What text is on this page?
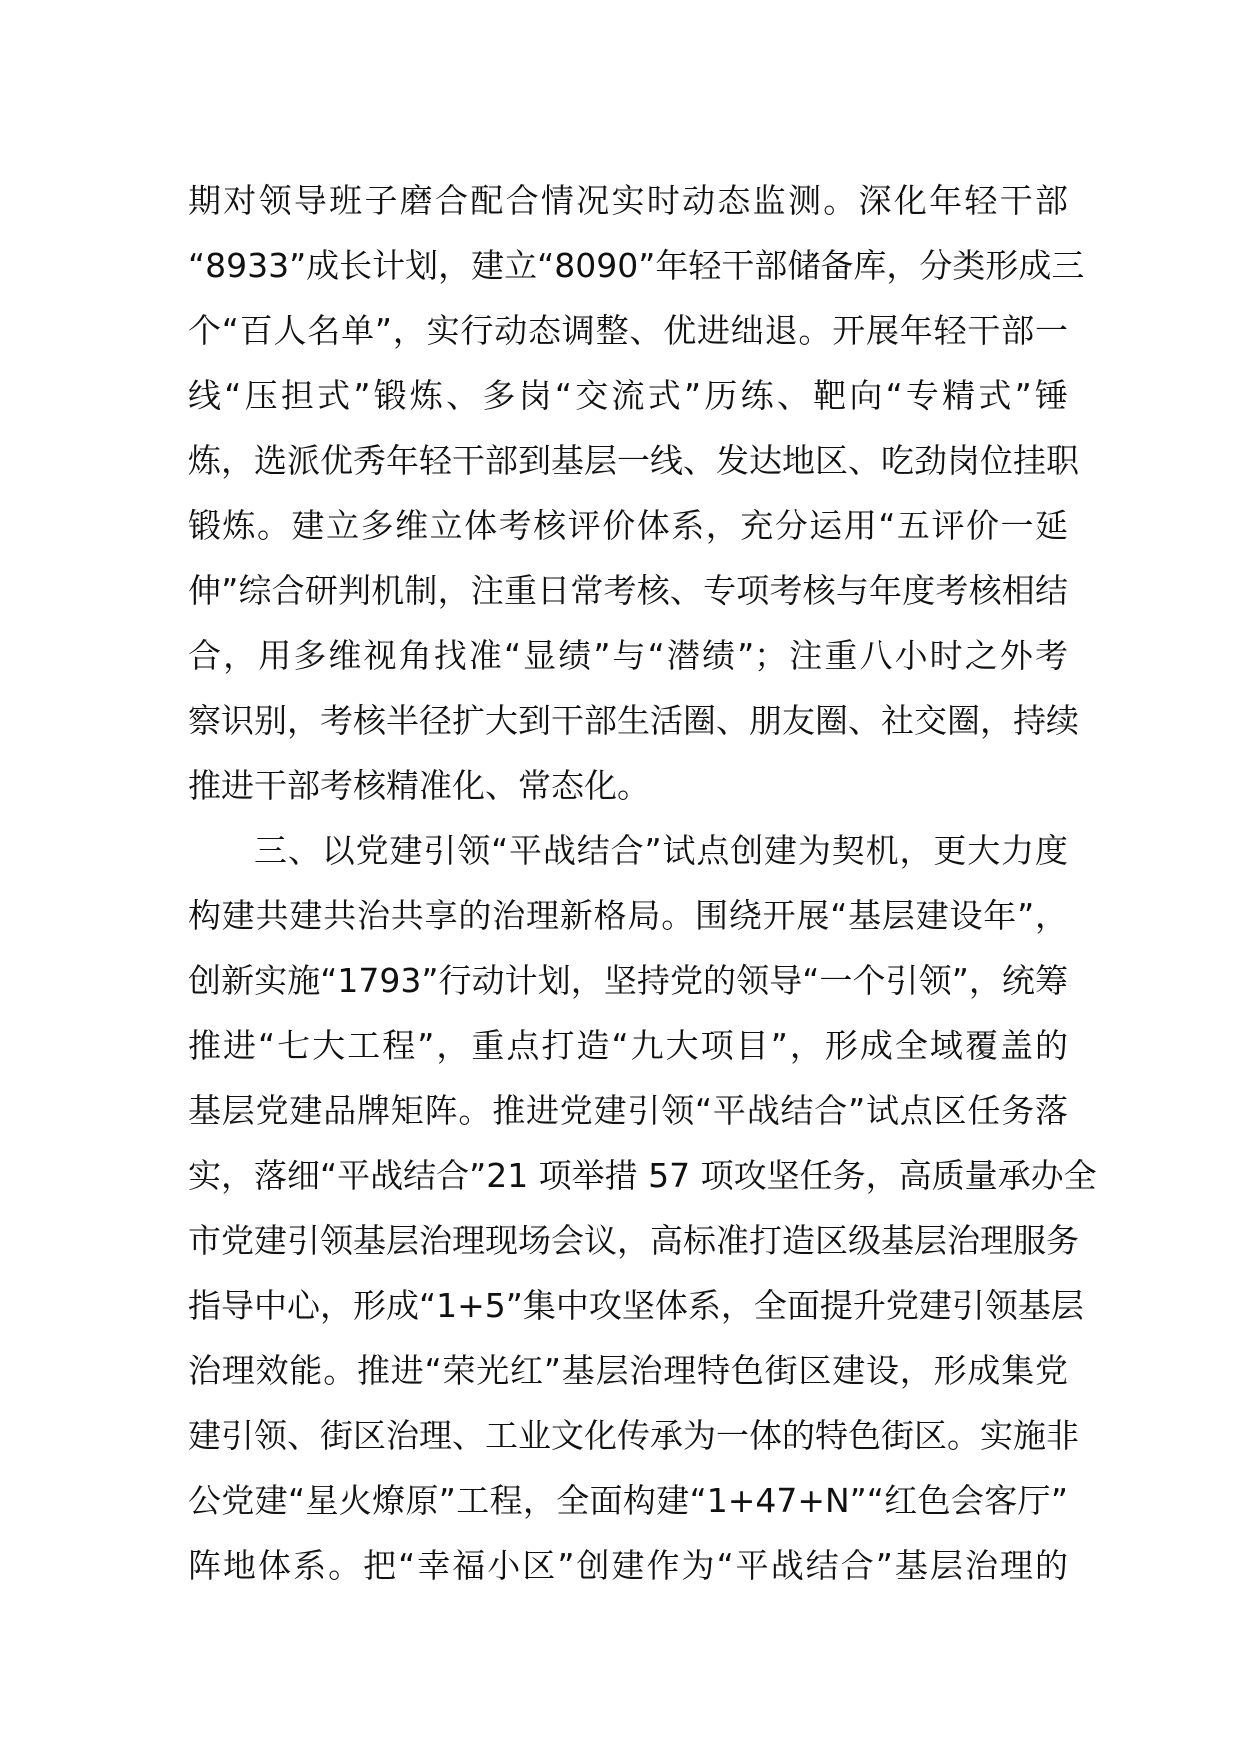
期对领导班子磨合配合情况实时动态监测。深化年轻干部
“8933”成长计划，建立“8090”年轻干部储备库，分类形成三
个“百人名单”，实行动态调整、优进绌退。开展年轻干部一
线“压担式”锻炼、多岗“交流式”历练、靶向“专精式”锤
炼，选派优秀年轻干部到基层一线、发达地区、吃劲岗位挂职
锻炼。建立多维立体考核评价体系，充分运用“五评价一延
伸”综合研判机制，注重日常考核、专项考核与年度考核相结
合，用多维视角找准“显绩”与“潜绩”；注重八小时之外考
察识别，考核半径扩大到干部生活圈、朋友圈、社交圈，持续
推进干部考核精准化、常态化。
三、以党建引领“平战结合”试点创建为契机，更大力度
构建共建共治共享的治理新格局。围绕开展“基层建设年”，
创新实施“1793”行动计划，坚持党的领导“一个引领”，统筹
推进“七大工程”，重点打造“九大项目”，形成全域覆盖的
基层党建品牌矩阵。推进党建引领“平战结合”试点区任务落
实，落细“平战结合”21 项举措 57 项攻坚任务，高质量承办全
市党建引领基层治理现场会议，高标准打造区级基层治理服务
指导中心，形成“1+5”集中攻坚体系，全面提升党建引领基层
治理效能。推进“荣光红”基层治理特色街区建设，形成集党
建引领、街区治理、工业文化传承为一体的特色街区。实施非
公党建“星火燎原”工程，全面构建“1+47+N”“红色会客厅”
阵地体系。把“幸福小区”创建作为“平战结合”基层治理的
